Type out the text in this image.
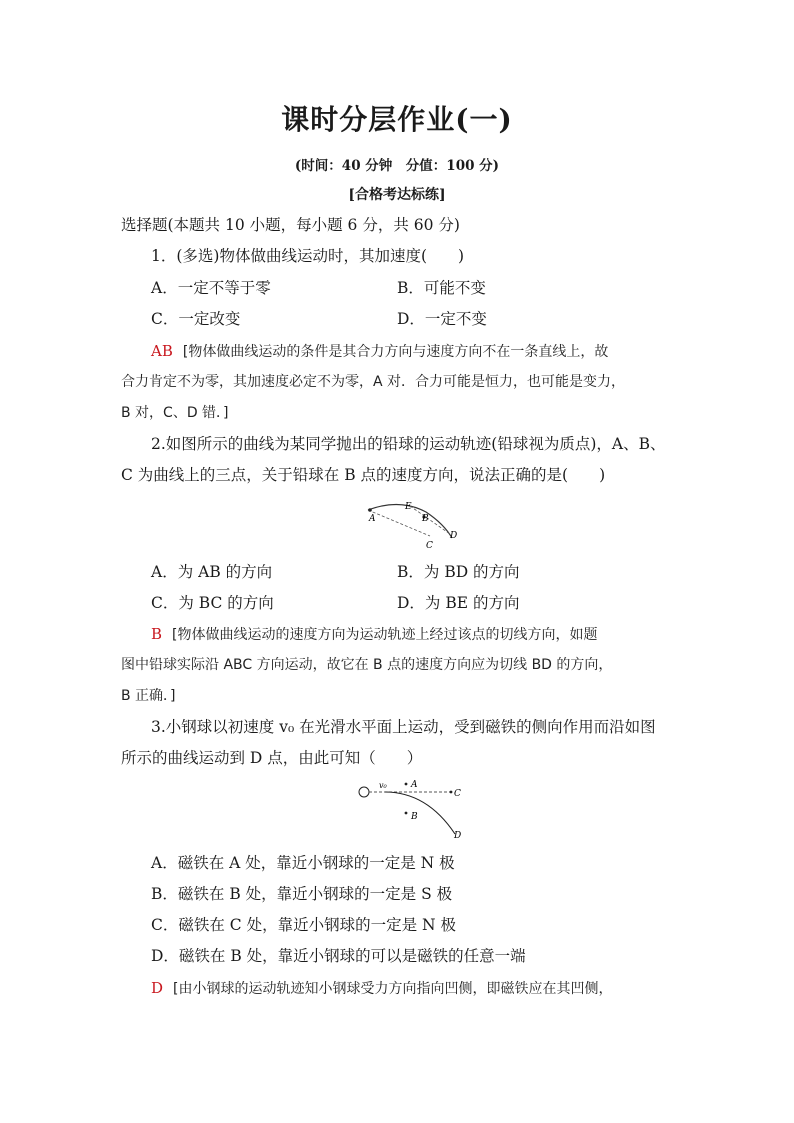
课时分层作业(一)
(时间：40 分钟　分值：100 分)
[合格考达标练]
选择题(本题共 10 小题，每小题 6 分，共 60 分)
1．(多选)物体做曲线运动时，其加速度(　　)
A．一定不等于零	B．可能不变
C．一定改变	D．一定不变
AB [物体做曲线运动的条件是其合力方向与速度方向不在一条直线上，故
合力肯定不为零，其加速度必定不为零，A 对．合力可能是恒力，也可能是变力，
B 对，C、D 错．]
2.如图所示的曲线为某同学抛出的铅球的运动轨迹(铅球视为质点)，A、B、
C 为曲线上的三点，关于铅球在 B 点的速度方向，说法正确的是(　　)
A
E
B
C
D
A．为 AB 的方向	B．为 BD 的方向
C．为 BC 的方向	D．为 BE 的方向
B [物体做曲线运动的速度方向为运动轨迹上经过该点的切线方向，如题
图中铅球实际沿 ABC 方向运动，故它在 B 点的速度方向应为切线 BD 的方向，
B 正确．]
3.小钢球以初速度 v₀ 在光滑水平面上运动，受到磁铁的侧向作用而沿如图
所示的曲线运动到 D 点，由此可知（　　）
v₀	A
B
C
D
A．磁铁在 A 处，靠近小钢球的一定是 N 极
B．磁铁在 B 处，靠近小钢球的一定是 S 极
C．磁铁在 C 处，靠近小钢球的一定是 N 极
D．磁铁在 B 处，靠近小钢球的可以是磁铁的任意一端
D [由小钢球的运动轨迹知小钢球受力方向指向凹侧，即磁铁应在其凹侧，
